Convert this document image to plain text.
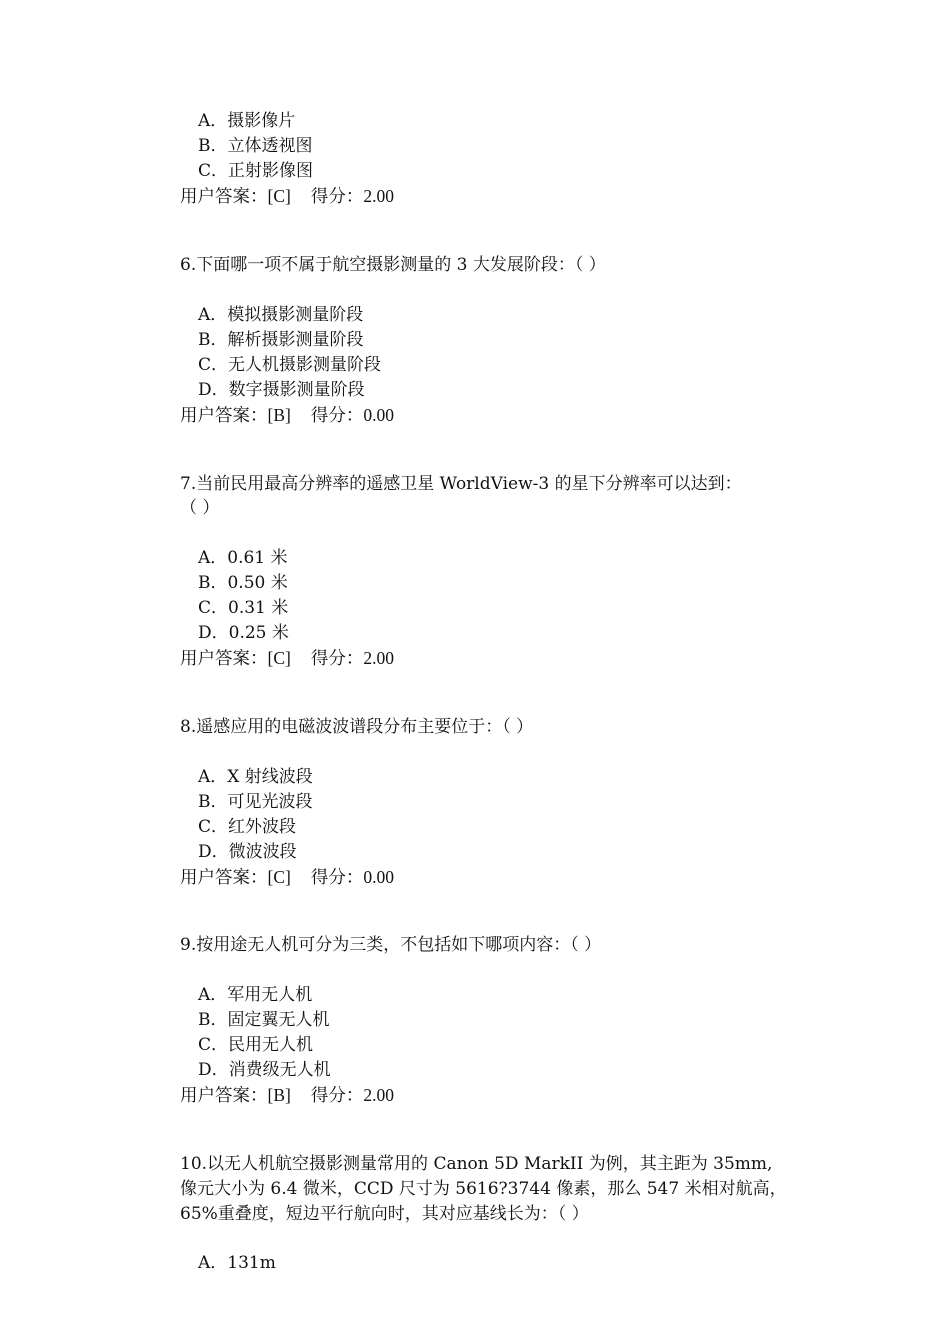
A．摄影像片
B．立体透视图
C．正射影像图
用户答案：[C] 得分：2.00
6.下面哪一项不属于航空摄影测量的 3 大发展阶段：（ ）
A．模拟摄影测量阶段
B．解析摄影测量阶段
C．无人机摄影测量阶段
D．数字摄影测量阶段
用户答案：[B] 得分：0.00
7.当前民用最高分辨率的遥感卫星 WorldView-3 的星下分辨率可以达到：
（ ）
A．0.61 米
B．0.50 米
C．0.31 米
D．0.25 米
用户答案：[C] 得分：2.00
8.遥感应用的电磁波波谱段分布主要位于：（ ）
A．X 射线波段
B．可见光波段
C．红外波段
D．微波波段
用户答案：[C] 得分：0.00
9.按用途无人机可分为三类，不包括如下哪项内容：（ ）
A．军用无人机
B．固定翼无人机
C．民用无人机
D．消费级无人机
用户答案：[B] 得分：2.00
10.以无人机航空摄影测量常用的 Canon 5D MarkII 为例，其主距为 35mm,
像元大小为 6.4 微米，CCD 尺寸为 5616?3744 像素，那么 547 米相对航高，
65%重叠度，短边平行航向时，其对应基线长为：（ ）
A．131m
